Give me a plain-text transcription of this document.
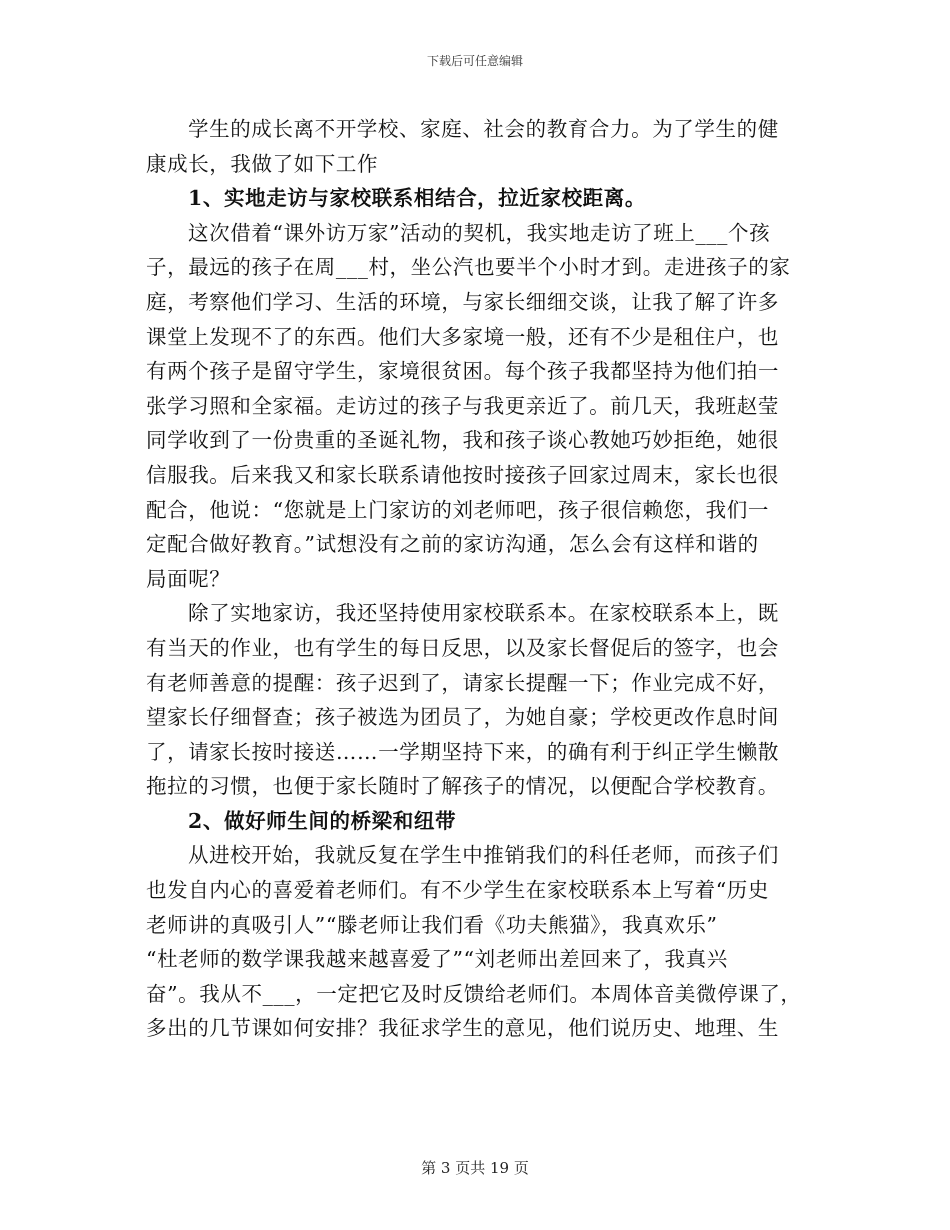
下载后可任意编辑
学生的成长离不开学校、家庭、社会的教育合力。为了学生的健
康成长，我做了如下工作
1、实地走访与家校联系相结合，拉近家校距离。
这次借着“课外访万家”活动的契机，我实地走访了班上___个孩
子，最远的孩子在周___村，坐公汽也要半个小时才到。走进孩子的家
庭，考察他们学习、生活的环境，与家长细细交谈，让我了解了许多
课堂上发现不了的东西。他们大多家境一般，还有不少是租住户，也
有两个孩子是留守学生，家境很贫困。每个孩子我都坚持为他们拍一
张学习照和全家福。走访过的孩子与我更亲近了。前几天，我班赵莹
同学收到了一份贵重的圣诞礼物，我和孩子谈心教她巧妙拒绝，她很
信服我。后来我又和家长联系请他按时接孩子回家过周末，家长也很
配合，他说：“您就是上门家访的刘老师吧，孩子很信赖您，我们一
定配合做好教育。”试想没有之前的家访沟通，怎么会有这样和谐的
局面呢？
除了实地家访，我还坚持使用家校联系本。在家校联系本上，既
有当天的作业，也有学生的每日反思，以及家长督促后的签字，也会
有老师善意的提醒：孩子迟到了，请家长提醒一下；作业完成不好，
望家长仔细督查；孩子被选为团员了，为她自豪；学校更改作息时间
了，请家长按时接送……一学期坚持下来，的确有利于纠正学生懒散
拖拉的习惯，也便于家长随时了解孩子的情况，以便配合学校教育。
2、做好师生间的桥梁和纽带
从进校开始，我就反复在学生中推销我们的科任老师，而孩子们
也发自内心的喜爱着老师们。有不少学生在家校联系本上写着“历史
老师讲的真吸引人”“滕老师让我们看《功夫熊猫》，我真欢乐”
“杜老师的数学课我越来越喜爱了”“刘老师出差回来了，我真兴
奋”。我从不___，一定把它及时反馈给老师们。本周体音美微停课了，
多出的几节课如何安排？我征求学生的意见，他们说历史、地理、生
第 3 页共 19 页
